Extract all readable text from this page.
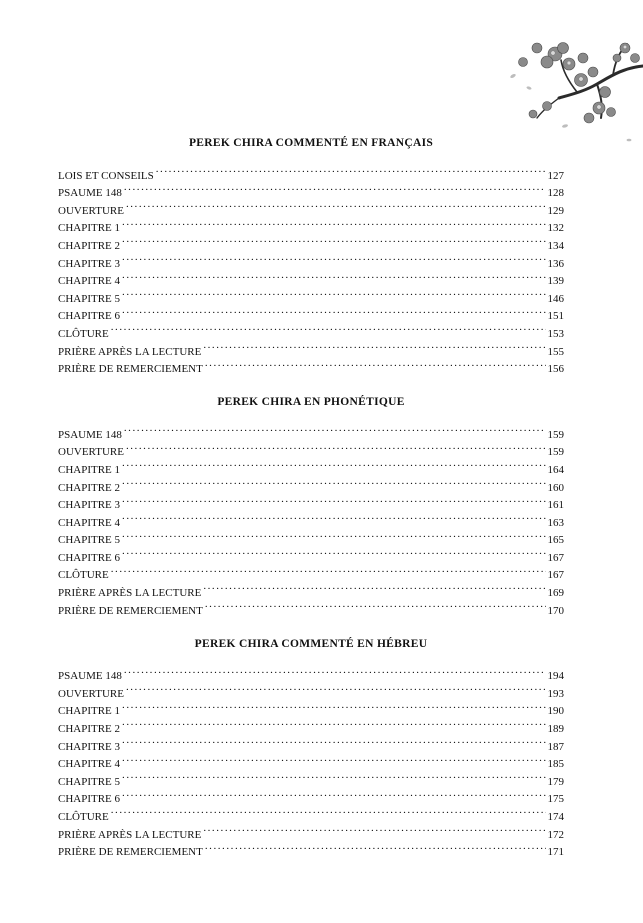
PEREK CHIRA COMMENTÉ EN FRANÇAIS
LOIS ET CONSEILS . . .	127
PSAUME 148 . . .	128
OUVERTURE . . .	129
CHAPITRE 1 . . .	132
CHAPITRE 2 . . .	134
CHAPITRE 3 . . .	136
CHAPITRE 4 . . .	139
CHAPITRE 5 . . .	146
CHAPITRE 6 . . .	151
CLÔTURE . . .	153
PRIÈRE APRÈS LA LECTURE . . .	155
PRIÈRE DE REMERCIEMENT . . .	156
PEREK CHIRA EN PHONÉTIQUE
PSAUME 148 . . .	159
OUVERTURE . . .	159
CHAPITRE 1 . . .	164
CHAPITRE 2 . . .	160
CHAPITRE 3 . . .	161
CHAPITRE 4 . . .	163
CHAPITRE 5 . . .	165
CHAPITRE 6 . . .	167
CLÔTURE . . .	167
PRIÈRE APRÈS LA LECTURE . . .	169
PRIÈRE DE REMERCIEMENT . . .	170
PEREK CHIRA COMMENTÉ EN HÉBREU
PSAUME 148 . . .	194
OUVERTURE . . .	193
CHAPITRE 1 . . .	190
CHAPITRE 2 . . .	189
CHAPITRE 3 . . .	187
CHAPITRE 4 . . .	185
CHAPITRE 5 . . .	179
CHAPITRE 6 . . .	175
CLÔTURE . . .	174
PRIÈRE APRÈS LA LECTURE . . .	172
PRIÈRE DE REMERCIEMENT . . .	171
